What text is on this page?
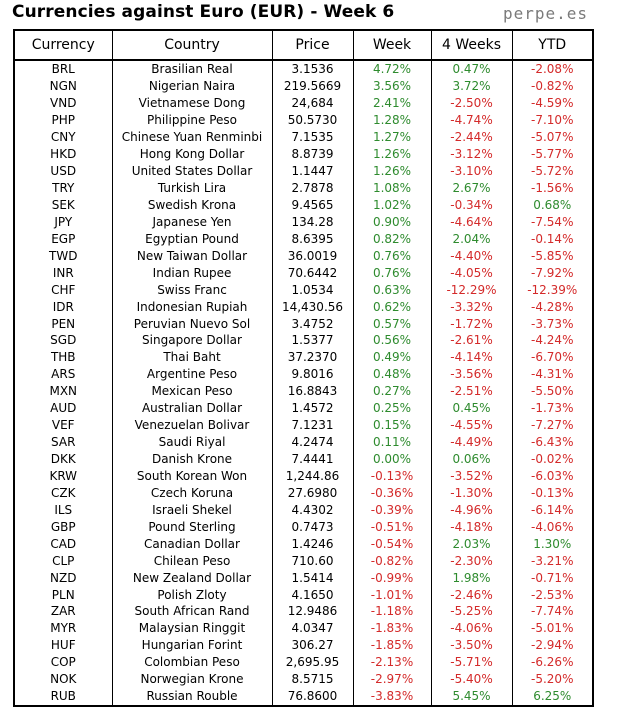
Currencies against Euro (EUR) - Week 6	perpe.es
Currency	Country	Price	Week	4 Weeks	YTD
BRL	Brasilian Real	3.1536	4.72%	0.47%	-2.08%
NGN	Nigerian Naira	219.5669	3.56%	3.72%	-0.82%
VND	Vietnamese Dong	24,684	2.41%	-2.50%	-4.59%
PHP	Philippine Peso	50.5730	1.28%	-4.74%	-7.10%
CNY	Chinese Yuan Renminbi	7.1535	1.27%	-2.44%	-5.07%
HKD	Hong Kong Dollar	8.8739	1.26%	-3.12%	-5.77%
USD	United States Dollar	1.1447	1.26%	-3.10%	-5.72%
TRY	Turkish Lira	2.7878	1.08%	2.67%	-1.56%
SEK	Swedish Krona	9.4565	1.02%	-0.34%	0.68%
JPY	Japanese Yen	134.28	0.90%	-4.64%	-7.54%
EGP	Egyptian Pound	8.6395	0.82%	2.04%	-0.14%
TWD	New Taiwan Dollar	36.0019	0.76%	-4.40%	-5.85%
INR	Indian Rupee	70.6442	0.76%	-4.05%	-7.92%
CHF	Swiss Franc	1.0534	0.63%	-12.29%	-12.39%
IDR	Indonesian Rupiah	14,430.56	0.62%	-3.32%	-4.28%
PEN	Peruvian Nuevo Sol	3.4752	0.57%	-1.72%	-3.73%
SGD	Singapore Dollar	1.5377	0.56%	-2.61%	-4.24%
THB	Thai Baht	37.2370	0.49%	-4.14%	-6.70%
ARS	Argentine Peso	9.8016	0.48%	-3.56%	-4.31%
MXN	Mexican Peso	16.8843	0.27%	-2.51%	-5.50%
AUD	Australian Dollar	1.4572	0.25%	0.45%	-1.73%
VEF	Venezuelan Bolivar	7.1231	0.15%	-4.55%	-7.27%
SAR	Saudi Riyal	4.2474	0.11%	-4.49%	-6.43%
DKK	Danish Krone	7.4441	0.00%	0.06%	-0.02%
KRW	South Korean Won	1,244.86	-0.13%	-3.52%	-6.03%
CZK	Czech Koruna	27.6980	-0.36%	-1.30%	-0.13%
ILS	Israeli Shekel	4.4302	-0.39%	-4.96%	-6.14%
GBP	Pound Sterling	0.7473	-0.51%	-4.18%	-4.06%
CAD	Canadian Dollar	1.4246	-0.54%	2.03%	1.30%
CLP	Chilean Peso	710.60	-0.82%	-2.30%	-3.21%
NZD	New Zealand Dollar	1.5414	-0.99%	1.98%	-0.71%
PLN	Polish Zloty	4.1650	-1.01%	-2.46%	-2.53%
ZAR	South African Rand	12.9486	-1.18%	-5.25%	-7.74%
MYR	Malaysian Ringgit	4.0347	-1.83%	-4.06%	-5.01%
HUF	Hungarian Forint	306.27	-1.85%	-3.50%	-2.94%
COP	Colombian Peso	2,695.95	-2.13%	-5.71%	-6.26%
NOK	Norwegian Krone	8.5715	-2.97%	-5.40%	-5.20%
RUB	Russian Rouble	76.8600	-3.83%	5.45%	6.25%
